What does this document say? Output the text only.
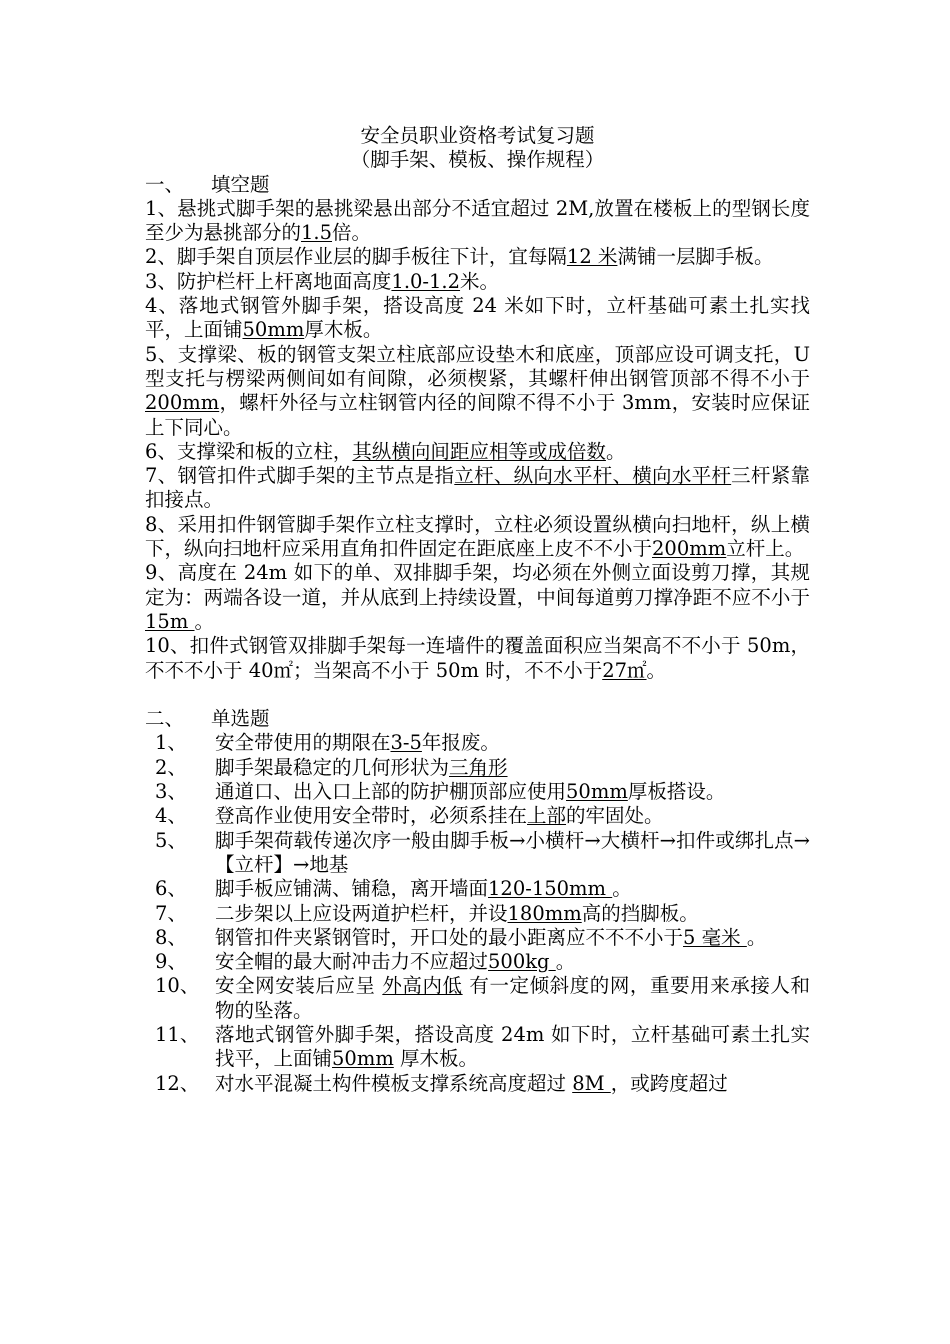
安全员职业资格考试复习题

（脚手架、模板、操作规程）

一、 填空题

1、悬挑式脚手架的悬挑梁悬出部分不适宜超过 2M,放置在楼板上的型钢长度至少为悬挑部分的1.5倍。

2、脚手架自顶层作业层的脚手板往下计，宜每隔12 米满铺一层脚手板。

3、防护栏杆上杆离地面高度1.0-1.2米。

4、落地式钢管外脚手架，搭设高度 24 米如下时，立杆基础可素土扎实找平，上面铺50mm厚木板。

5、支撑梁、板的钢管支架立柱底部应设垫木和底座，顶部应设可调支托，U 型支托与楞梁两侧间如有间隙，必须楔紧，其螺杆伸出钢管顶部不得不小于200mm，螺杆外径与立柱钢管内径的间隙不得不小于 3mm，安装时应保证上下同心。

6、支撑梁和板的立柱，其纵横向间距应相等或成倍数。

7、钢管扣件式脚手架的主节点是指立杆、纵向水平杆、横向水平杆三杆紧靠扣接点。

8、采用扣件钢管脚手架作立柱支撑时，立柱必须设置纵横向扫地杆，纵上横下，纵向扫地杆应采用直角扣件固定在距底座上皮不不小于200mm立杆上。

9、高度在 24m 如下的单、双排脚手架，均必须在外侧立面设剪刀撑，其规定为：两端各设一道，并从底到上持续设置，中间每道剪刀撑净距不应不小于15m 。

10、扣件式钢管双排脚手架每一连墙件的覆盖面积应当架高不不小于 50m，不不不小于 40㎡；当架高不小于 50m 时，不不小于27㎡。

二、 单选题

1、	安全带使用的期限在3-5年报废。
2、	脚手架最稳定的几何形状为三角形
3、	通道口、出入口上部的防护棚顶部应使用50mm厚板搭设。
4、	登高作业使用安全带时，必须系挂在上部的牢固处。
5、	脚手架荷载传递次序一般由脚手板→小横杆→大横杆→扣件或绑扎点→【立杆】→地基
6、	脚手板应铺满、铺稳，离开墙面120-150mm 。
7、	二步架以上应设两道护栏杆，并设180mm高的挡脚板。
8、	钢管扣件夹紧钢管时，开口处的最小距离应不不不小于5 毫米 。
9、	安全帽的最大耐冲击力不应超过500kg 。
10、 安全网安装后应呈 外高内低 有一定倾斜度的网，重要用来承接人和物的坠落。
11、 落地式钢管外脚手架，搭设高度 24m 如下时，立杆基础可素土扎实找平，上面铺50mm 厚木板。
12、 对水平混凝土构件模板支撑系统高度超过 8M ，或跨度超过
